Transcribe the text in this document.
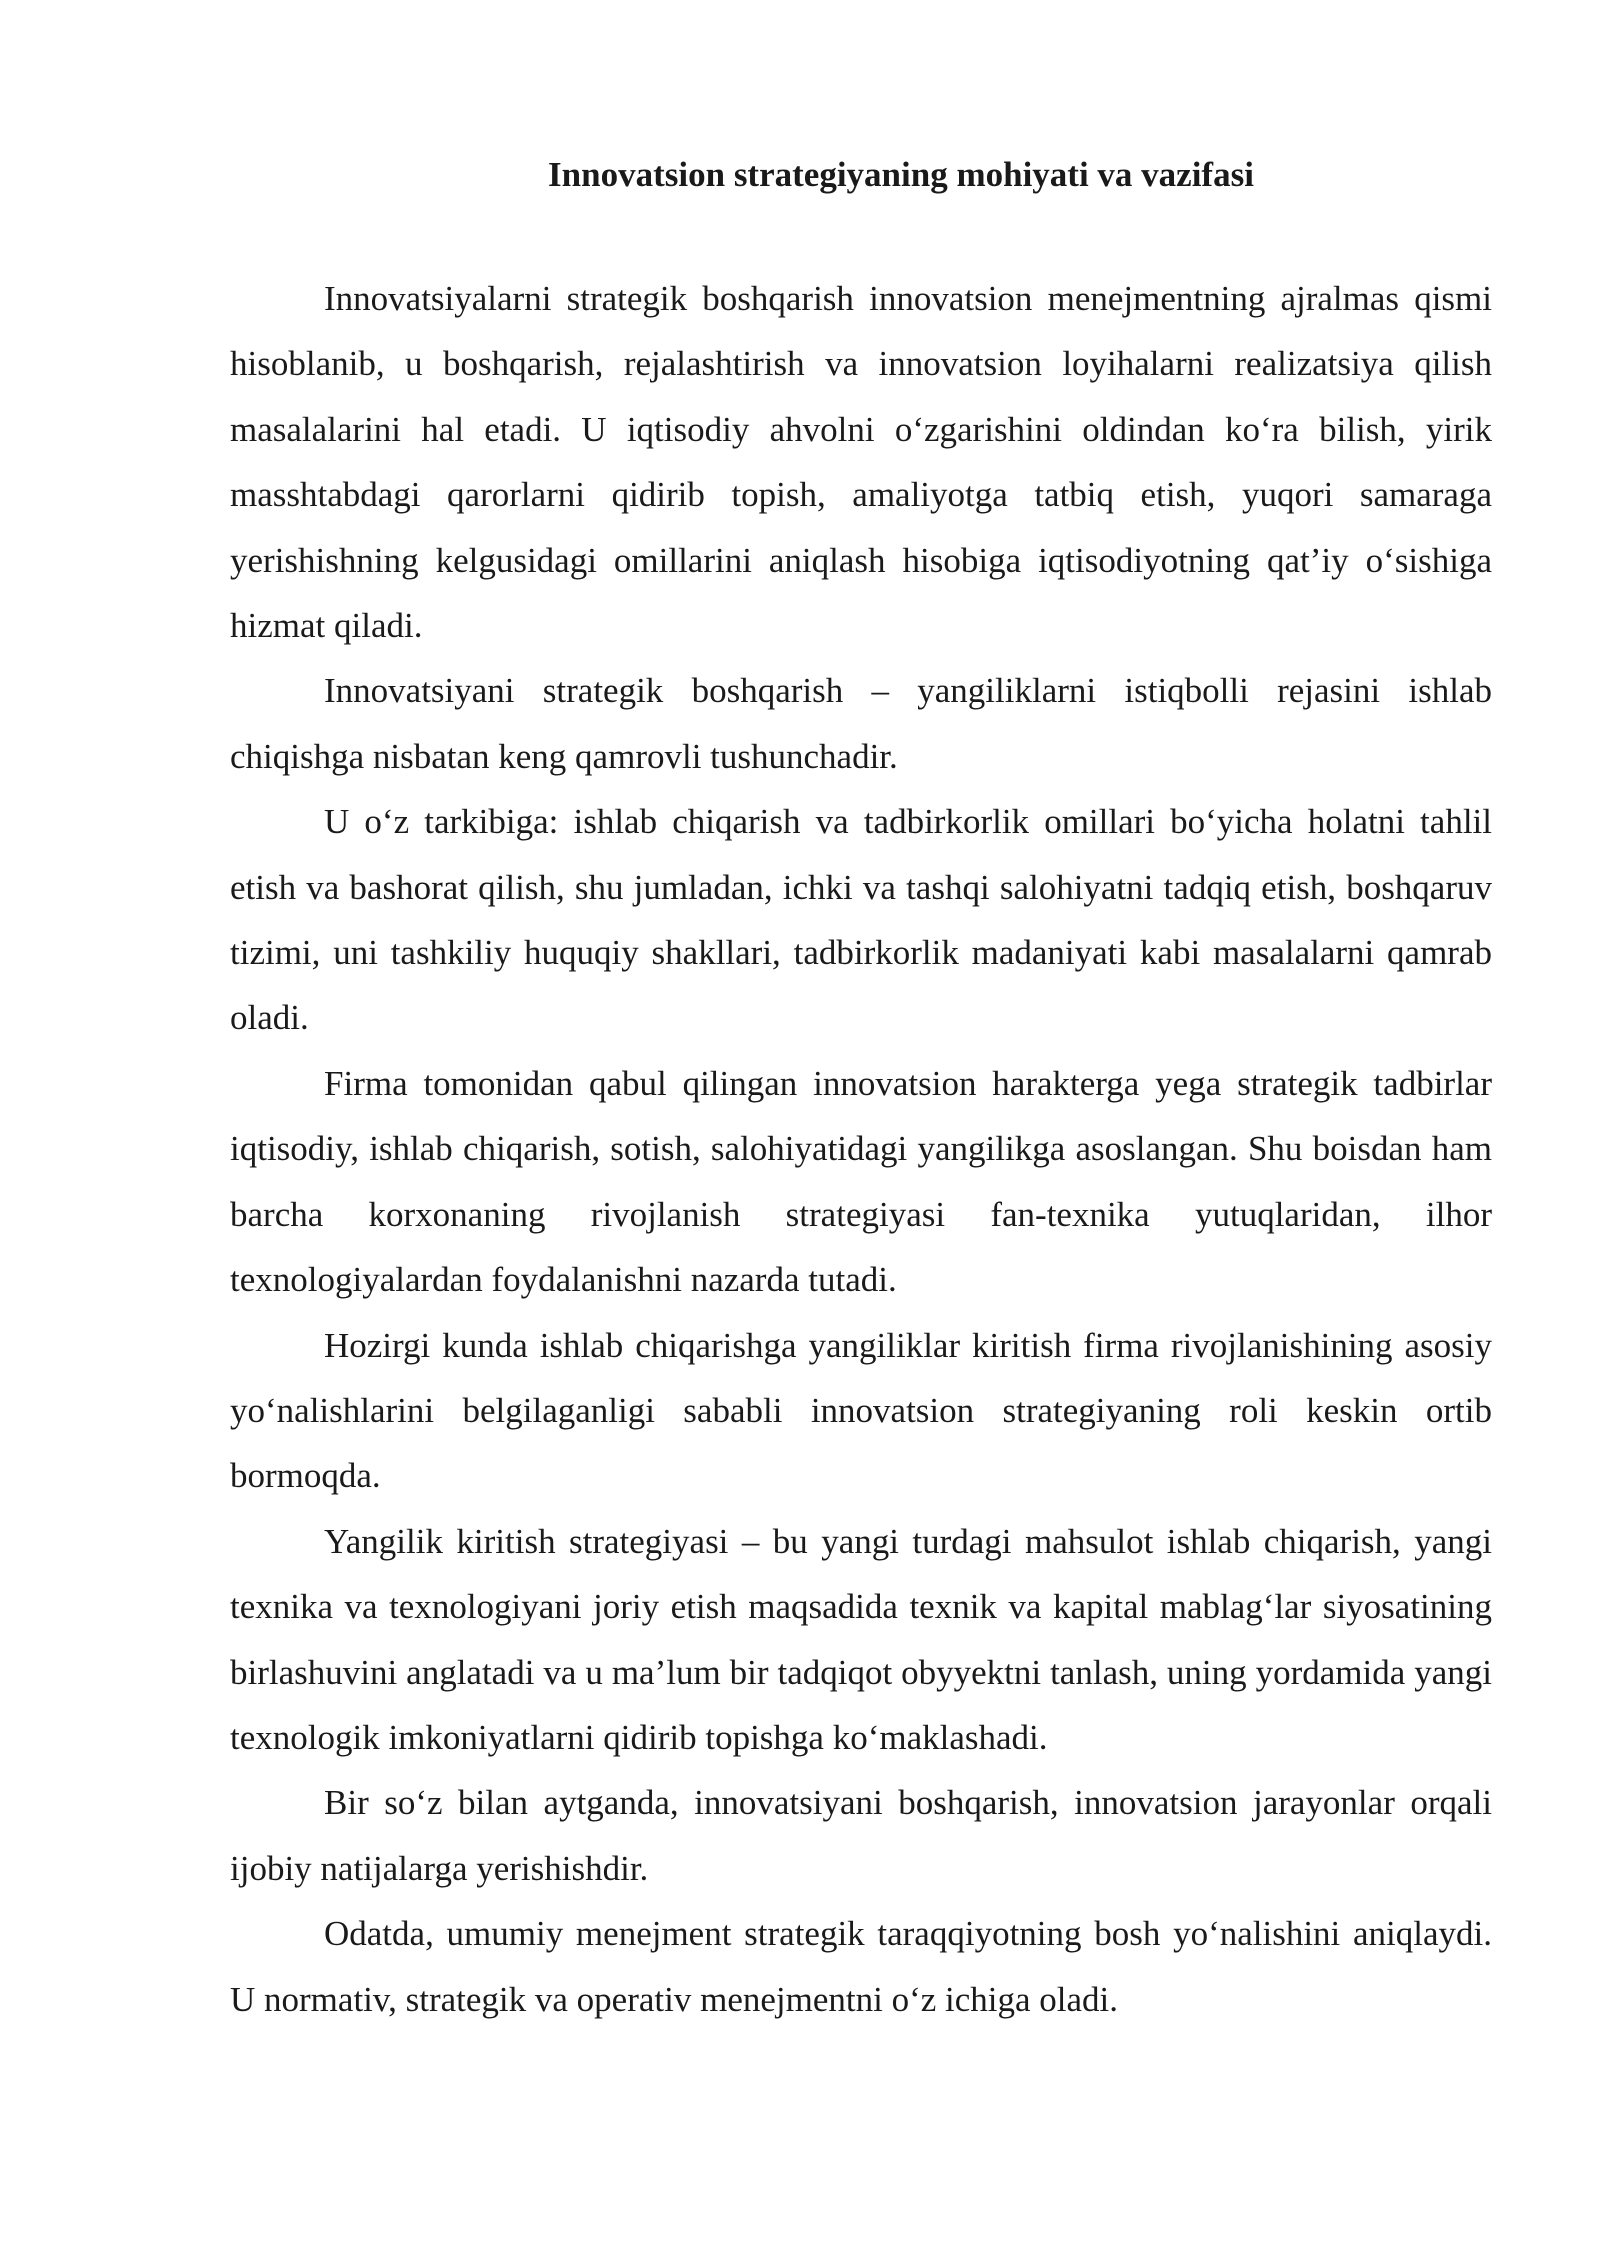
Innovatsion strategiyaning mohiyati va vazifasi

Innovatsiyalarni strategik boshqarish innovatsion menejmentning ajralmas qismi hisoblanib, u boshqarish, rejalashtirish va innovatsion loyihalarni realizatsiya qilish masalalarini hal etadi. U iqtisodiy ahvolni o‘zgarishini oldindan ko‘ra bilish, yirik masshtabdagi qarorlarni qidirib topish, amaliyotga tatbiq etish, yuqori samaraga yerishishning kelgusidagi omillarini aniqlash hisobiga iqtisodiyotning qat’iy o‘sishiga hizmat qiladi.

Innovatsiyani strategik boshqarish – yangiliklarni istiqbolli rejasini ishlab chiqishga nisbatan keng qamrovli tushunchadir.

U o‘z tarkibiga: ishlab chiqarish va tadbirkorlik omillari bo‘yicha holatni tahlil etish va bashorat qilish, shu jumladan, ichki va tashqi salohiyatni tadqiq etish, boshqaruv tizimi, uni tashkiliy huquqiy shakllari, tadbirkorlik madaniyati kabi masalalarni qamrab oladi.

Firma tomonidan qabul qilingan innovatsion harakterga yega strategik tadbirlar iqtisodiy, ishlab chiqarish, sotish, salohiyatidagi yangilikga asoslangan. Shu boisdan ham barcha korxonaning rivojlanish strategiyasi fan-texnika yutuqlaridan, ilhor texnologiyalardan foydalanishni nazarda tutadi.

Hozirgi kunda ishlab chiqarishga yangiliklar kiritish firma rivojlanishining asosiy yo‘nalishlarini belgilaganligi sababli innovatsion strategiyaning roli keskin ortib bormoqda.

Yangilik kiritish strategiyasi – bu yangi turdagi mahsulot ishlab chiqarish, yangi texnika va texnologiyani joriy etish maqsadida texnik va kapital mablag‘lar siyosatining birlashuvini anglatadi va u ma’lum bir tadqiqot obyyektni tanlash, uning yordamida yangi texnologik imkoniyatlarni qidirib topishga ko‘maklashadi.

Bir so‘z bilan aytganda, innovatsiyani boshqarish, innovatsion jarayonlar orqali ijobiy natijalarga yerishishdir.

Odatda, umumiy menejment strategik taraqqiyotning bosh yo‘nalishini aniqlaydi. U normativ, strategik va operativ menejmentni o‘z ichiga oladi.
